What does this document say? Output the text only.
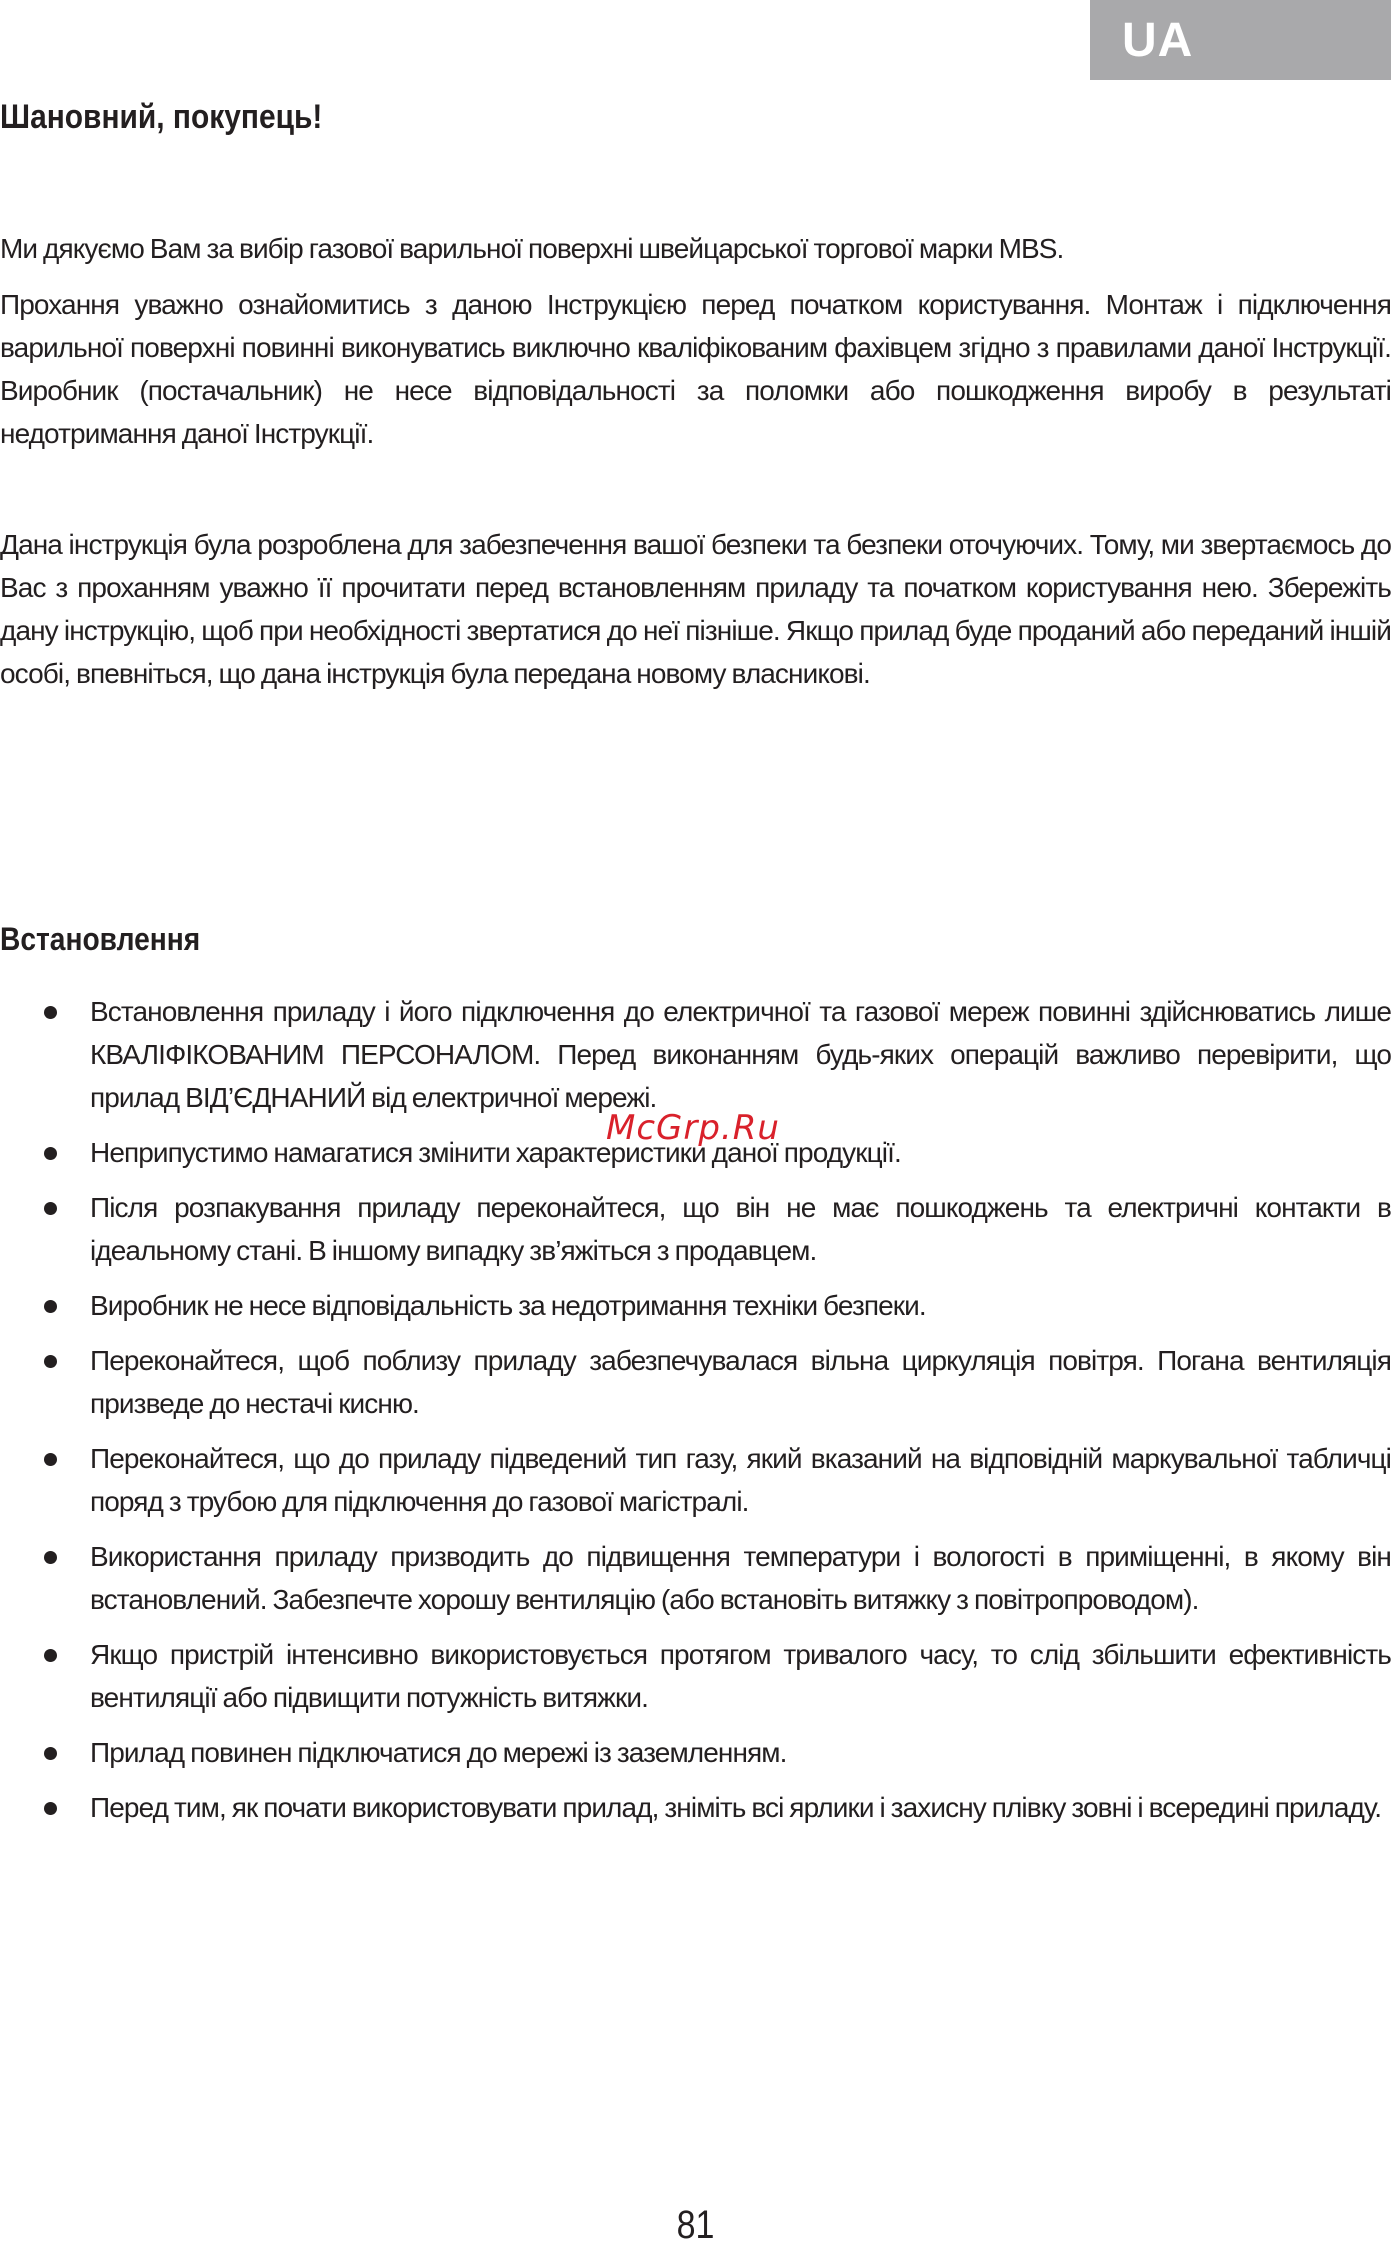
UA
Шановний, покупець!

Ми дякуємо Вам за вибір газової варильної поверхні швейцарської торгової марки MBS.

Прохання уважно ознайомитись з даною Інструкцією перед початком користування. Монтаж і підключення варильної поверхні повинні виконуватись виключно кваліфікованим фахівцем згідно з правилами даної Інструкції. Виробник (постачальник) не несе відповідальності за поломки або пошкодження виробу в результаті недотримання даної Інструкції.

Дана інструкція була розроблена для забезпечення вашої безпеки та безпеки оточуючих. Тому, ми звертаємось до Вас з проханням уважно її прочитати перед встановленням приладу та початком користування нею. Збережіть дану інструкцію, щоб при необхідності звертатися до неї пізніше. Якщо прилад буде проданий або переданий іншій особі, впевніться, що дана інструкція була передана новому власникові.

Встановлення
Встановлення приладу і його підключення до електричної та газової мереж повинні здійснюватись лише КВАЛІФІКОВАНИМ ПЕРСОНАЛОМ. Перед виконанням будь-яких операцій важливо перевірити, що прилад ВІД’ЄДНАНИЙ від електричної мережі.
Неприпустимо намагатися змінити характеристики даної продукції.
Після розпакування приладу переконайтеся, що він не має пошкоджень та електричні контакти в ідеальному стані. В іншому випадку зв’яжіться з продавцем.
Виробник не несе відповідальність за недотримання техніки безпеки.
Переконайтеся, щоб поблизу приладу забезпечувалася вільна циркуляція повітря. Погана вентиляція призведе до нестачі кисню.
Переконайтеся, що до приладу підведений тип газу, який вказаний на відповідній маркувальної табличці поряд з трубою для підключення до газової магістралі.
Використання приладу призводить до підвищення температури і вологості в приміщенні, в якому він встановлений. Забезпечте хорошу вентиляцію (або встановіть витяжку з повітропроводом).
Якщо пристрій інтенсивно використовується протягом тривалого часу, то слід збільшити ефективність вентиляції або підвищити потужність витяжки.
Прилад повинен підключатися до мережі із заземленням.
Перед тим, як почати використовувати прилад, зніміть всі ярлики і захисну плівку зовні і всередині приладу.
McGrp.Ru
81
